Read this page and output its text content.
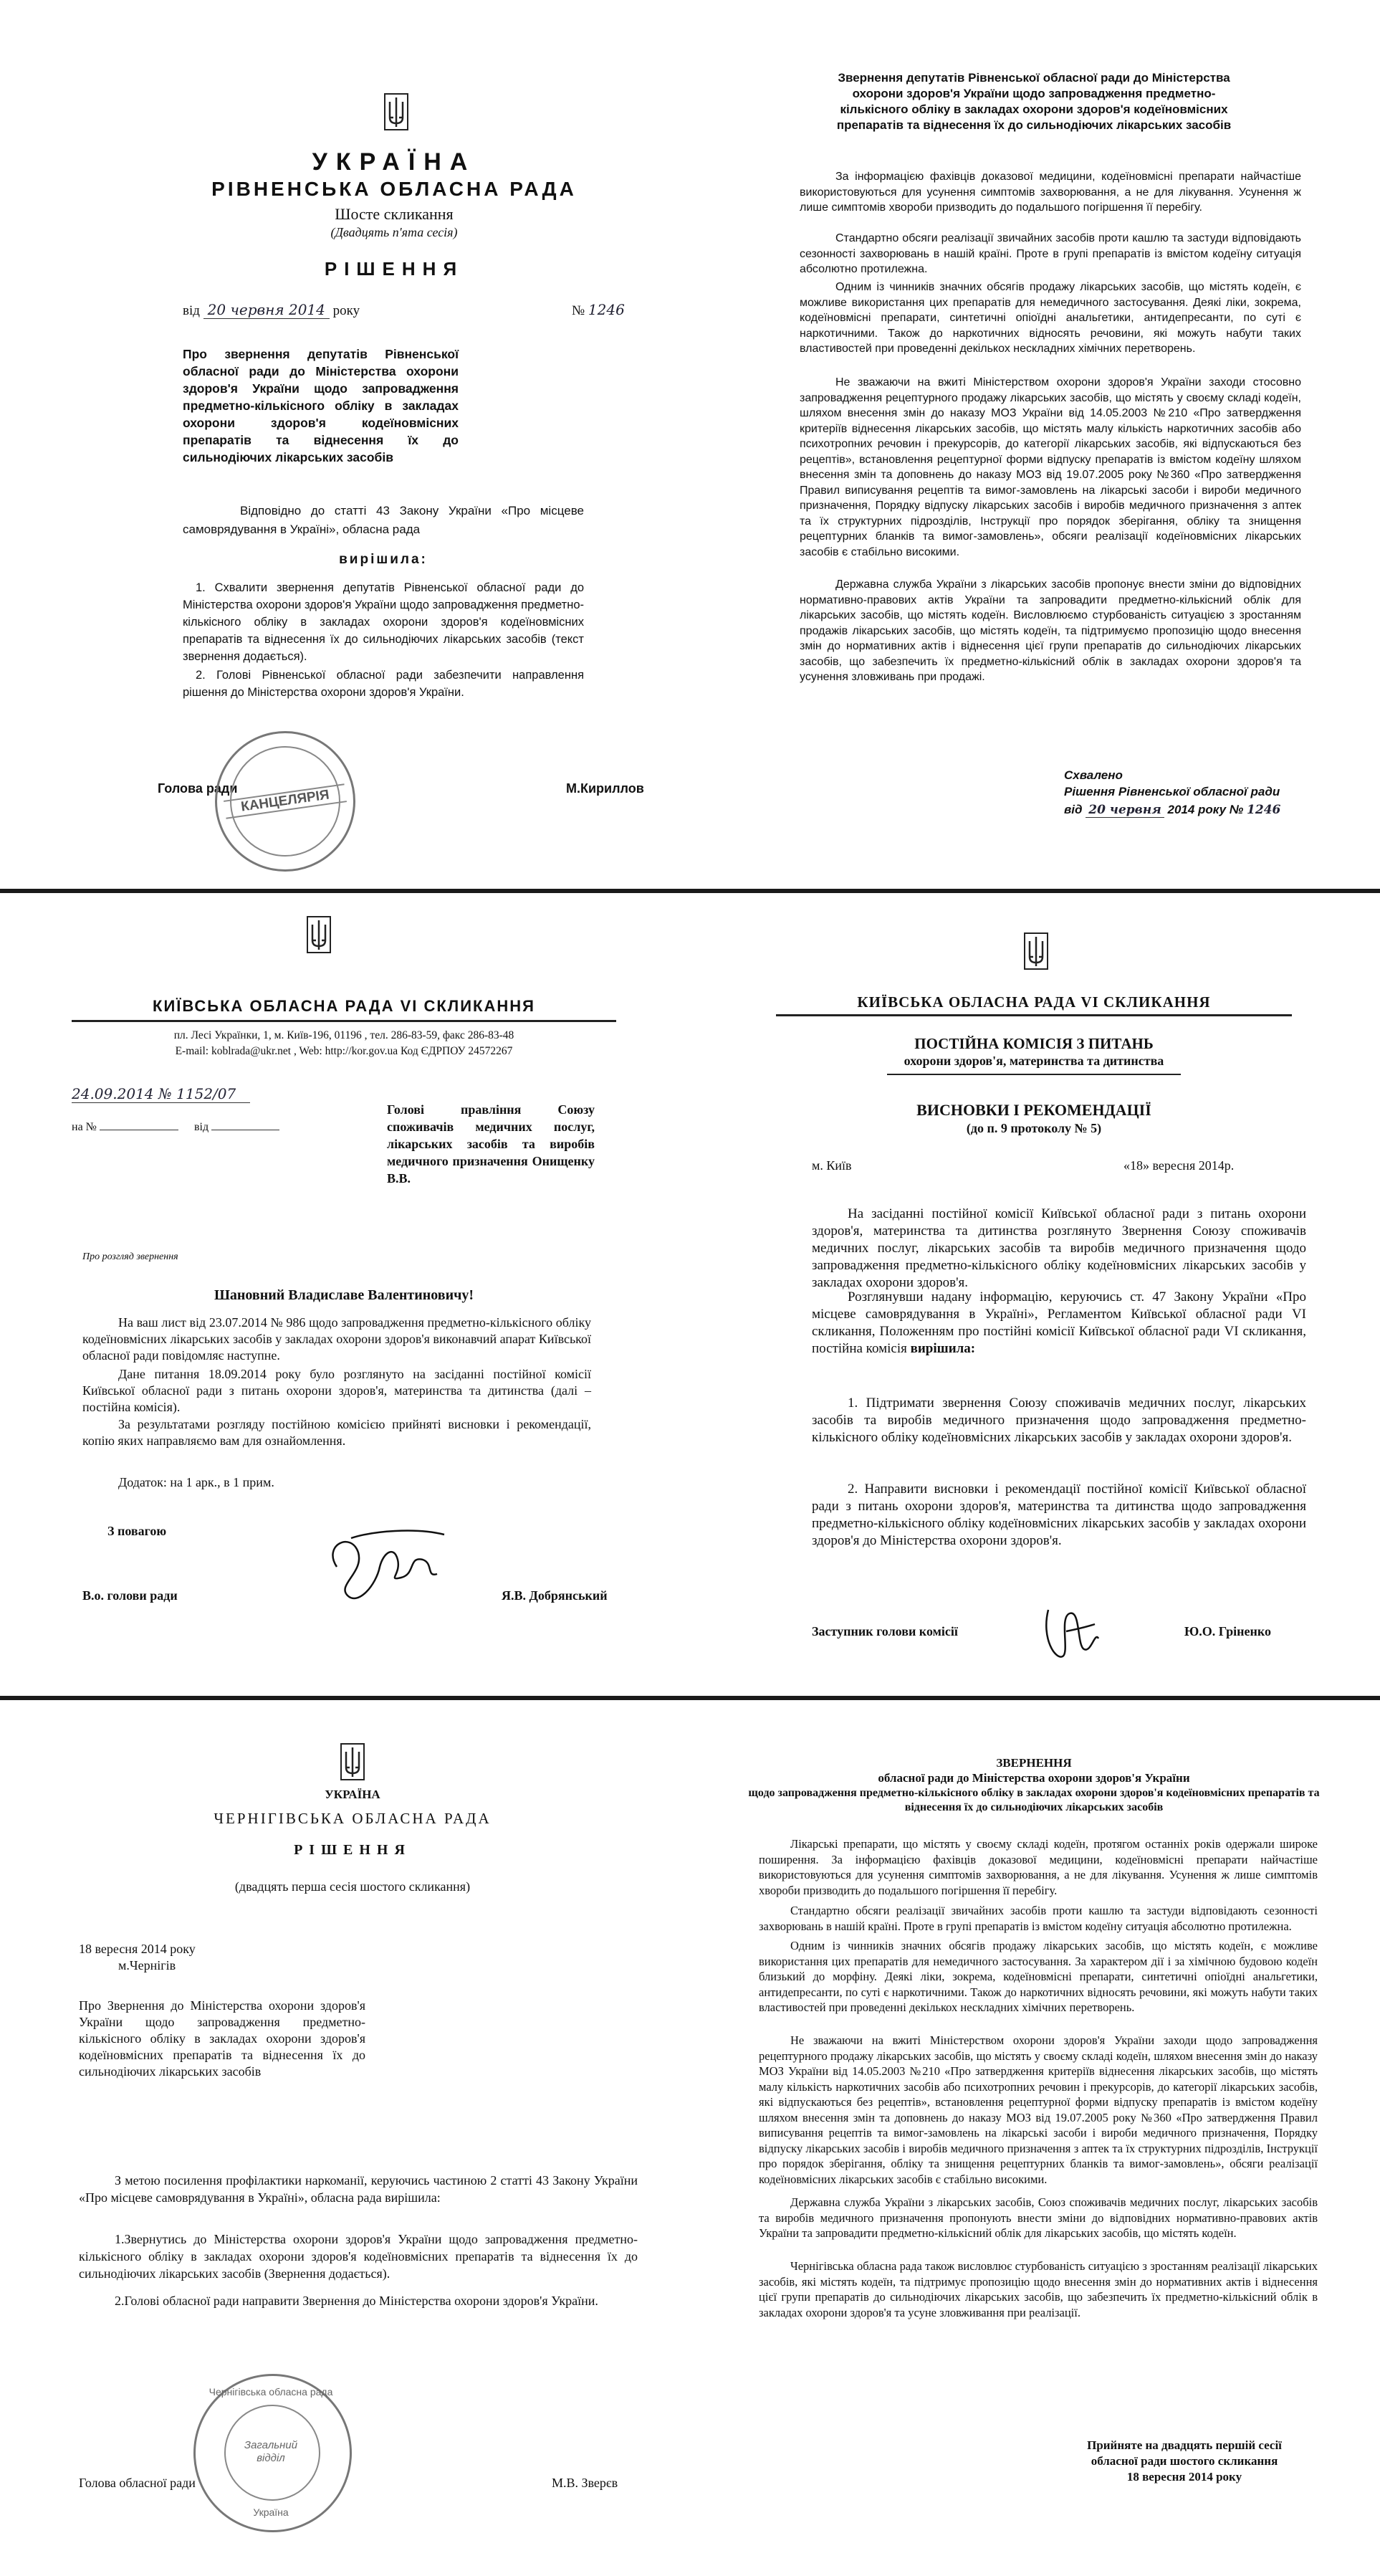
УКРАЇНА
РІВНЕНСЬКА ОБЛАСНА РАДА
Шосте скликання
(Двадцять п'ята сесія)
РІШЕННЯ
від 20 червня 2014 року	№ 1246
Про звернення депутатів Рівненської обласної ради до Міністерства охорони здоров'я України щодо запровадження предметно-кількісного обліку в закладах охорони здоров'я кодеїновмісних препаратів та віднесення їх до сильнодіючих лікарських засобів
Відповідно до статті 43 Закону України «Про місцеве самоврядування в Україні», обласна рада
вирішила:
1. Схвалити звернення депутатів Рівненської обласної ради до Міністерства охорони здоров'я України щодо запровадження предметно-кількісного обліку в закладах охорони здоров'я кодеїновмісних препаратів та віднесення їх до сильнодіючих лікарських засобів (текст звернення додається).
2. Голові Рівненської обласної ради забезпечити направлення рішення до Міністерства охорони здоров'я України.
Голова ради КАНЦЕЛЯРІЯ	М.Кириллов
Звернення депутатів Рівненської обласної ради до Міністерства охорони здоров'я України щодо запровадження предметно-кількісного обліку в закладах охорони здоров'я кодеїновмісних препаратів та віднесення їх до сильнодіючих лікарських засобів
За інформацією фахівців доказової медицини, кодеїновмісні препарати найчастіше використовуються для усунення симптомів захворювання, а не для лікування. Усунення ж лише симптомів хвороби призводить до подальшого погіршення її перебігу.
Стандартно обсяги реалізації звичайних засобів проти кашлю та застуди відповідають сезонності захворювань в нашій країні. Проте в групі препаратів із вмістом кодеїну ситуація абсолютно протилежна.
Одним із чинників значних обсягів продажу лікарських засобів, що містять кодеїн, є можливе використання цих препаратів для немедичного застосування. Деякі ліки, зокрема, кодеїновмісні препарати, синтетичні опіоїдні анальгетики, антидепресанти, по суті є наркотичними. Також до наркотичних відносять речовини, які можуть набути таких властивостей при проведенні декількох нескладних хімічних перетворень.
Не зважаючи на вжиті Міністерством охорони здоров'я України заходи стосовно запровадження рецептурного продажу лікарських засобів, що містять у своєму складі кодеїн, шляхом внесення змін до наказу МОЗ України від 14.05.2003 №210 «Про затвердження критеріїв віднесення лікарських засобів, що містять малу кількість наркотичних засобів або психотропних речовин і прекурсорів, до категорії лікарських засобів, які відпускаються без рецептів», встановлення рецептурної форми відпуску препаратів із вмістом кодеїну шляхом внесення змін та доповнень до наказу МОЗ від 19.07.2005 року №360 «Про затвердження Правил виписування рецептів та вимог-замовлень на лікарські засоби і вироби медичного призначення, Порядку відпуску лікарських засобів і виробів медичного призначення з аптек та їх структурних підрозділів, Інструкції про порядок зберігання, обліку та знищення рецептурних бланків та вимог-замовлень», обсяги реалізації кодеїновмісних лікарських засобів є стабільно високими.
Державна служба України з лікарських засобів пропонує внести зміни до відповідних нормативно-правових актів України та запровадити предметно-кількісний облік для лікарських засобів, що містять кодеїн. Висловлюємо стурбованість ситуацією з зростанням продажів лікарських засобів, що містять кодеїн, та підтримуємо пропозицію щодо внесення змін до нормативних актів і віднесення цієї групи препаратів до сильнодіючих лікарських засобів, що забезпечить їх предметно-кількісний облік в закладах охорони здоров'я та усунення зловживань при продажі.
Схвалено
Рішення Рівненської обласної ради
від 20 червня 2014 року № 1246
КИЇВСЬКА ОБЛАСНА РАДА VI СКЛИКАННЯ
пл. Лесі Українки, 1, м. Київ-196, 01196 , тел. 286-83-59, факс 286-83-48
E-mail: koblrada@ukr.net , Web: http://kor.gov.ua Код ЄДРПОУ 24572267
24.09.2014 № 1152/07
на №	від
Голові правління Союзу споживачів медичних послуг, лікарських засобів та виробів медичного призначення Онищенку В.В.
Про розгляд звернення
Шановний Владиславе Валентиновичу!
На ваш лист від 23.07.2014 № 986 щодо запровадження предметно-кількісного обліку кодеїновмісних лікарських засобів у закладах охорони здоров'я виконавчий апарат Київської обласної ради повідомляє наступне.
Дане питання 18.09.2014 року було розглянуто на засіданні постійної комісії Київської обласної ради з питань охорони здоров'я, материнства та дитинства (далі – постійна комісія).
За результатами розгляду постійною комісією прийняті висновки і рекомендації, копію яких направляємо вам для ознайомлення.
Додаток: на 1 арк., в 1 прим.
З повагою
В.о. голови ради	Я.В. Добрянський
КИЇВСЬКА ОБЛАСНА РАДА VI СКЛИКАННЯ
ПОСТІЙНА КОМІСІЯ З ПИТАНЬ
охорони здоров'я, материнства та дитинства
ВИСНОВКИ І РЕКОМЕНДАЦІЇ
(до п. 9 протоколу № 5)
м. Київ	«18» вересня 2014р.
На засіданні постійної комісії Київської обласної ради з питань охорони здоров'я, материнства та дитинства розглянуто Звернення Союзу споживачів медичних послуг, лікарських засобів та виробів медичного призначення щодо запровадження предметно-кількісного обліку кодеїновмісних лікарських засобів у закладах охорони здоров'я.
Розглянувши надану інформацію, керуючись ст. 47 Закону України «Про місцеве самоврядування в Україні», Регламентом Київської обласної ради VI скликання, Положенням про постійні комісії Київської обласної ради VI скликання, постійна комісія вирішила:
1. Підтримати звернення Союзу споживачів медичних послуг, лікарських засобів та виробів медичного призначення щодо запровадження предметно-кількісного обліку кодеїновмісних лікарських засобів у закладах охорони здоров'я.
2. Направити висновки і рекомендації постійної комісії Київської обласної ради з питань охорони здоров'я, материнства та дитинства щодо запровадження предметно-кількісного обліку кодеїновмісних лікарських засобів у закладах охорони здоров'я до Міністерства охорони здоров'я.
Заступник голови комісії	Ю.О. Гріненко
УКРАЇНА
ЧЕРНІГІВСЬКА ОБЛАСНА РАДА
РІШЕННЯ
(двадцять перша сесія шостого скликання)
18 вересня 2014 року
м.Чернігів
Про Звернення до Міністерства охорони здоров'я України щодо запровадження предметно-кількісного обліку в закладах охорони здоров'я кодеїновмісних препаратів та віднесення їх до сильнодіючих лікарських засобів
З метою посилення профілактики наркоманії, керуючись частиною 2 статті 43 Закону України «Про місцеве самоврядування в Україні», обласна рада вирішила:
1.Звернутись до Міністерства охорони здоров'я України щодо запровадження предметно-кількісного обліку в закладах охорони здоров'я кодеїновмісних препаратів та віднесення їх до сильнодіючих лікарських засобів (Звернення додається).
2.Голові обласної ради направити Звернення до Міністерства охорони здоров'я України.
Голова обласної ради
Чернігівська обласна рада
Загальний відділ
Україна
М.В. Зверєв
ЗВЕРНЕННЯ
обласної ради до Міністерства охорони здоров'я України
щодо запровадження предметно-кількісного обліку в закладах охорони здоров'я кодеїновмісних препаратів та віднесення їх до сильнодіючих лікарських засобів
Лікарські препарати, що містять у своєму складі кодеїн, протягом останніх років одержали широке поширення. За інформацією фахівців доказової медицини, кодеїновмісні препарати найчастіше використовуються для усунення симптомів захворювання, а не для лікування. Усунення ж лише симптомів хвороби призводить до подальшого погіршення її перебігу.
Стандартно обсяги реалізації звичайних засобів проти кашлю та застуди відповідають сезонності захворювань в нашій країні. Проте в групі препаратів із вмістом кодеїну ситуація абсолютно протилежна.
Одним із чинників значних обсягів продажу лікарських засобів, що містять кодеїн, є можливе використання цих препаратів для немедичного застосування. За характером дії і за хімічною будовою кодеїн близький до морфіну. Деякі ліки, зокрема, кодеїновмісні препарати, синтетичні опіоїдні анальгетики, антидепресанти, по суті є наркотичними. Також до наркотичних відносять речовини, які можуть набути таких властивостей при проведенні декількох нескладних хімічних перетворень.
Не зважаючи на вжиті Міністерством охорони здоров'я України заходи щодо запровадження рецептурного продажу лікарських засобів, що містять у своєму складі кодеїн, шляхом внесення змін до наказу МОЗ України від 14.05.2003 №210 «Про затвердження критеріїв віднесення лікарських засобів, що містять малу кількість наркотичних засобів або психотропних речовин і прекурсорів, до категорії лікарських засобів, які відпускаються без рецептів», встановлення рецептурної форми відпуску препаратів із вмістом кодеїну шляхом внесення змін та доповнень до наказу МОЗ від 19.07.2005 року №360 «Про затвердження Правил виписування рецептів та вимог-замовлень на лікарські засоби і вироби медичного призначення, Порядку відпуску лікарських засобів і виробів медичного призначення з аптек та їх структурних підрозділів, Інструкції про порядок зберігання, обліку та знищення рецептурних бланків та вимог-замовлень», обсяги реалізації кодеїновмісних лікарських засобів є стабільно високими.
Державна служба України з лікарських засобів, Союз споживачів медичних послуг, лікарських засобів та виробів медичного призначення пропонують внести зміни до відповідних нормативно-правових актів України та запровадити предметно-кількісний облік для лікарських засобів, що містять кодеїн.
Чернігівська обласна рада також висловлює стурбованість ситуацією з зростанням реалізації лікарських засобів, які містять кодеїн, та підтримує пропозицію щодо внесення змін до нормативних актів і віднесення цієї групи препаратів до сильнодіючих лікарських засобів, що забезпечить їх предметно-кількісний облік в закладах охорони здоров'я та усуне зловживання при реалізації.
Прийняте на двадцять першій сесії
обласної ради шостого скликання
18 вересня 2014 року
